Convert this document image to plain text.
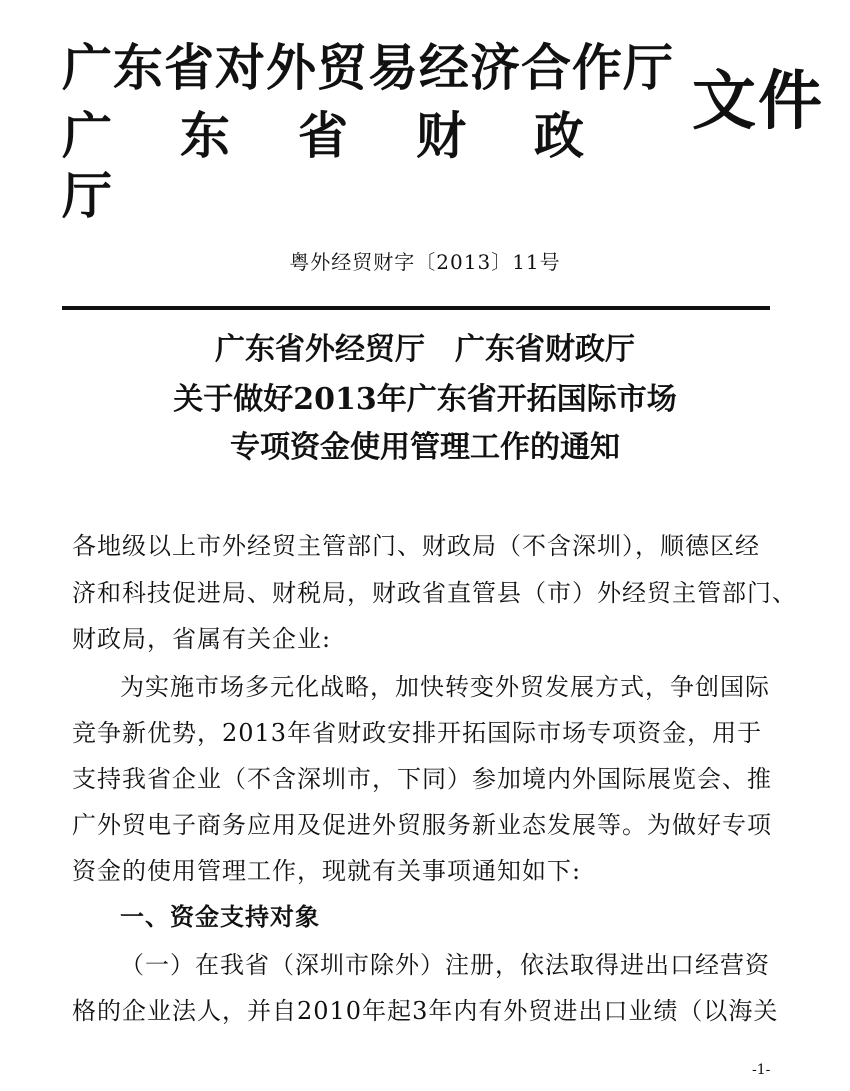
广东省对外贸易经济合作厅
广 东 省 财 政厅
文件
粤外经贸财字〔2013〕11号
广东省外经贸厅　广东省财政厅
关于做好2013年广东省开拓国际市场
专项资金使用管理工作的通知
各地级以上市外经贸主管部门、财政局（不含深圳），顺德区经
济和科技促进局、财税局，财政省直管县（市）外经贸主管部门、
财政局，省属有关企业:
为实施市场多元化战略，加快转变外贸发展方式，争创国际
竞争新优势，2013年省财政安排开拓国际市场专项资金，用于
支持我省企业（不含深圳市，下同）参加境内外国际展览会、推
广外贸电子商务应用及促进外贸服务新业态发展等。为做好专项
资金的使用管理工作，现就有关事项通知如下:
一、资金支持对象
（一）在我省（深圳市除外）注册，依法取得进出口经营资
格的企业法人，并自2010年起3年内有外贸进出口业绩（以海关
-1-
